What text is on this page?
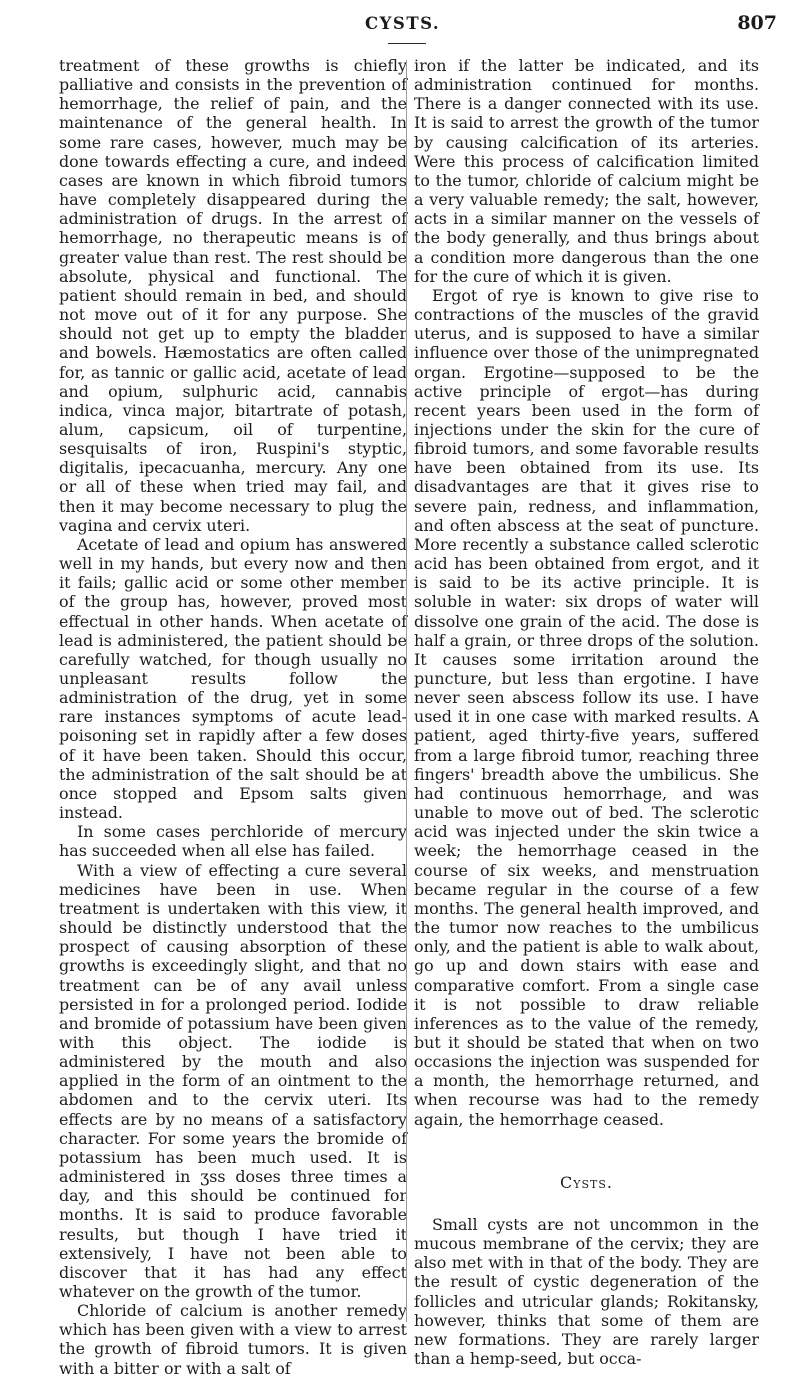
CYSTS.	807

treatment of these growths is chiefly palliative and consists in the prevention of hemorrhage, the relief of pain, and the maintenance of the general health. In some rare cases, however, much may be done towards effecting a cure, and indeed cases are known in which fibroid tumors have completely disappeared during the administration of drugs. In the arrest of hemorrhage, no therapeutic means is of greater value than rest. The rest should be absolute, physical and functional. The patient should remain in bed, and should not move out of it for any purpose. She should not get up to empty the bladder and bowels. Hæmostatics are often called for, as tannic or gallic acid, acetate of lead and opium, sulphuric acid, cannabis indica, vinca major, bitartrate of potash, alum, capsicum, oil of turpentine, sesquisalts of iron, Ruspini's styptic, digitalis, ipecacuanha, mercury. Any one or all of these when tried may fail, and then it may become necessary to plug the vagina and cervix uteri.

Acetate of lead and opium has answered well in my hands, but every now and then it fails; gallic acid or some other member of the group has, however, proved most effectual in other hands. When acetate of lead is administered, the patient should be carefully watched, for though usually no unpleasant results follow the administration of the drug, yet in some rare instances symptoms of acute lead-poisoning set in rapidly after a few doses of it have been taken. Should this occur, the administration of the salt should be at once stopped and Epsom salts given instead.

In some cases perchloride of mercury has succeeded when all else has failed.

With a view of effecting a cure several medicines have been in use. When treatment is undertaken with this view, it should be distinctly understood that the prospect of causing absorption of these growths is exceedingly slight, and that no treatment can be of any avail unless persisted in for a prolonged period. Iodide and bromide of potassium have been given with this object. The iodide is administered by the mouth and also applied in the form of an ointment to the abdomen and to the cervix uteri. Its effects are by no means of a satisfactory character. For some years the bromide of potassium has been much used. It is administered in ʒss doses three times a day, and this should be continued for months. It is said to produce favorable results, but though I have tried it extensively, I have not been able to discover that it has had any effect whatever on the growth of the tumor.

Chloride of calcium is another remedy which has been given with a view to arrest the growth of fibroid tumors. It is given with a bitter or with a salt of

iron if the latter be indicated, and its administration continued for months. There is a danger connected with its use. It is said to arrest the growth of the tumor by causing calcification of its arteries. Were this process of calcification limited to the tumor, chloride of calcium might be a very valuable remedy; the salt, however, acts in a similar manner on the vessels of the body generally, and thus brings about a condition more dangerous than the one for the cure of which it is given.

Ergot of rye is known to give rise to contractions of the muscles of the gravid uterus, and is supposed to have a similar influence over those of the unimpregnated organ. Ergotine—supposed to be the active principle of ergot—has during recent years been used in the form of injections under the skin for the cure of fibroid tumors, and some favorable results have been obtained from its use. Its disadvantages are that it gives rise to severe pain, redness, and inflammation, and often abscess at the seat of puncture. More recently a substance called sclerotic acid has been obtained from ergot, and it is said to be its active principle. It is soluble in water: six drops of water will dissolve one grain of the acid. The dose is half a grain, or three drops of the solution. It causes some irritation around the puncture, but less than ergotine. I have never seen abscess follow its use. I have used it in one case with marked results. A patient, aged thirty-five years, suffered from a large fibroid tumor, reaching three fingers' breadth above the umbilicus. She had continuous hemorrhage, and was unable to move out of bed. The sclerotic acid was injected under the skin twice a week; the hemorrhage ceased in the course of six weeks, and menstruation became regular in the course of a few months. The general health improved, and the tumor now reaches to the umbilicus only, and the patient is able to walk about, go up and down stairs with ease and comparative comfort. From a single case it is not possible to draw reliable inferences as to the value of the remedy, but it should be stated that when on two occasions the injection was suspended for a month, the hemorrhage returned, and when recourse was had to the remedy again, the hemorrhage ceased.

Cysts.

Small cysts are not uncommon in the mucous membrane of the cervix; they are also met with in that of the body. They are the result of cystic degeneration of the follicles and utricular glands; Rokitansky, however, thinks that some of them are new formations. They are rarely larger than a hemp-seed, but occa-
